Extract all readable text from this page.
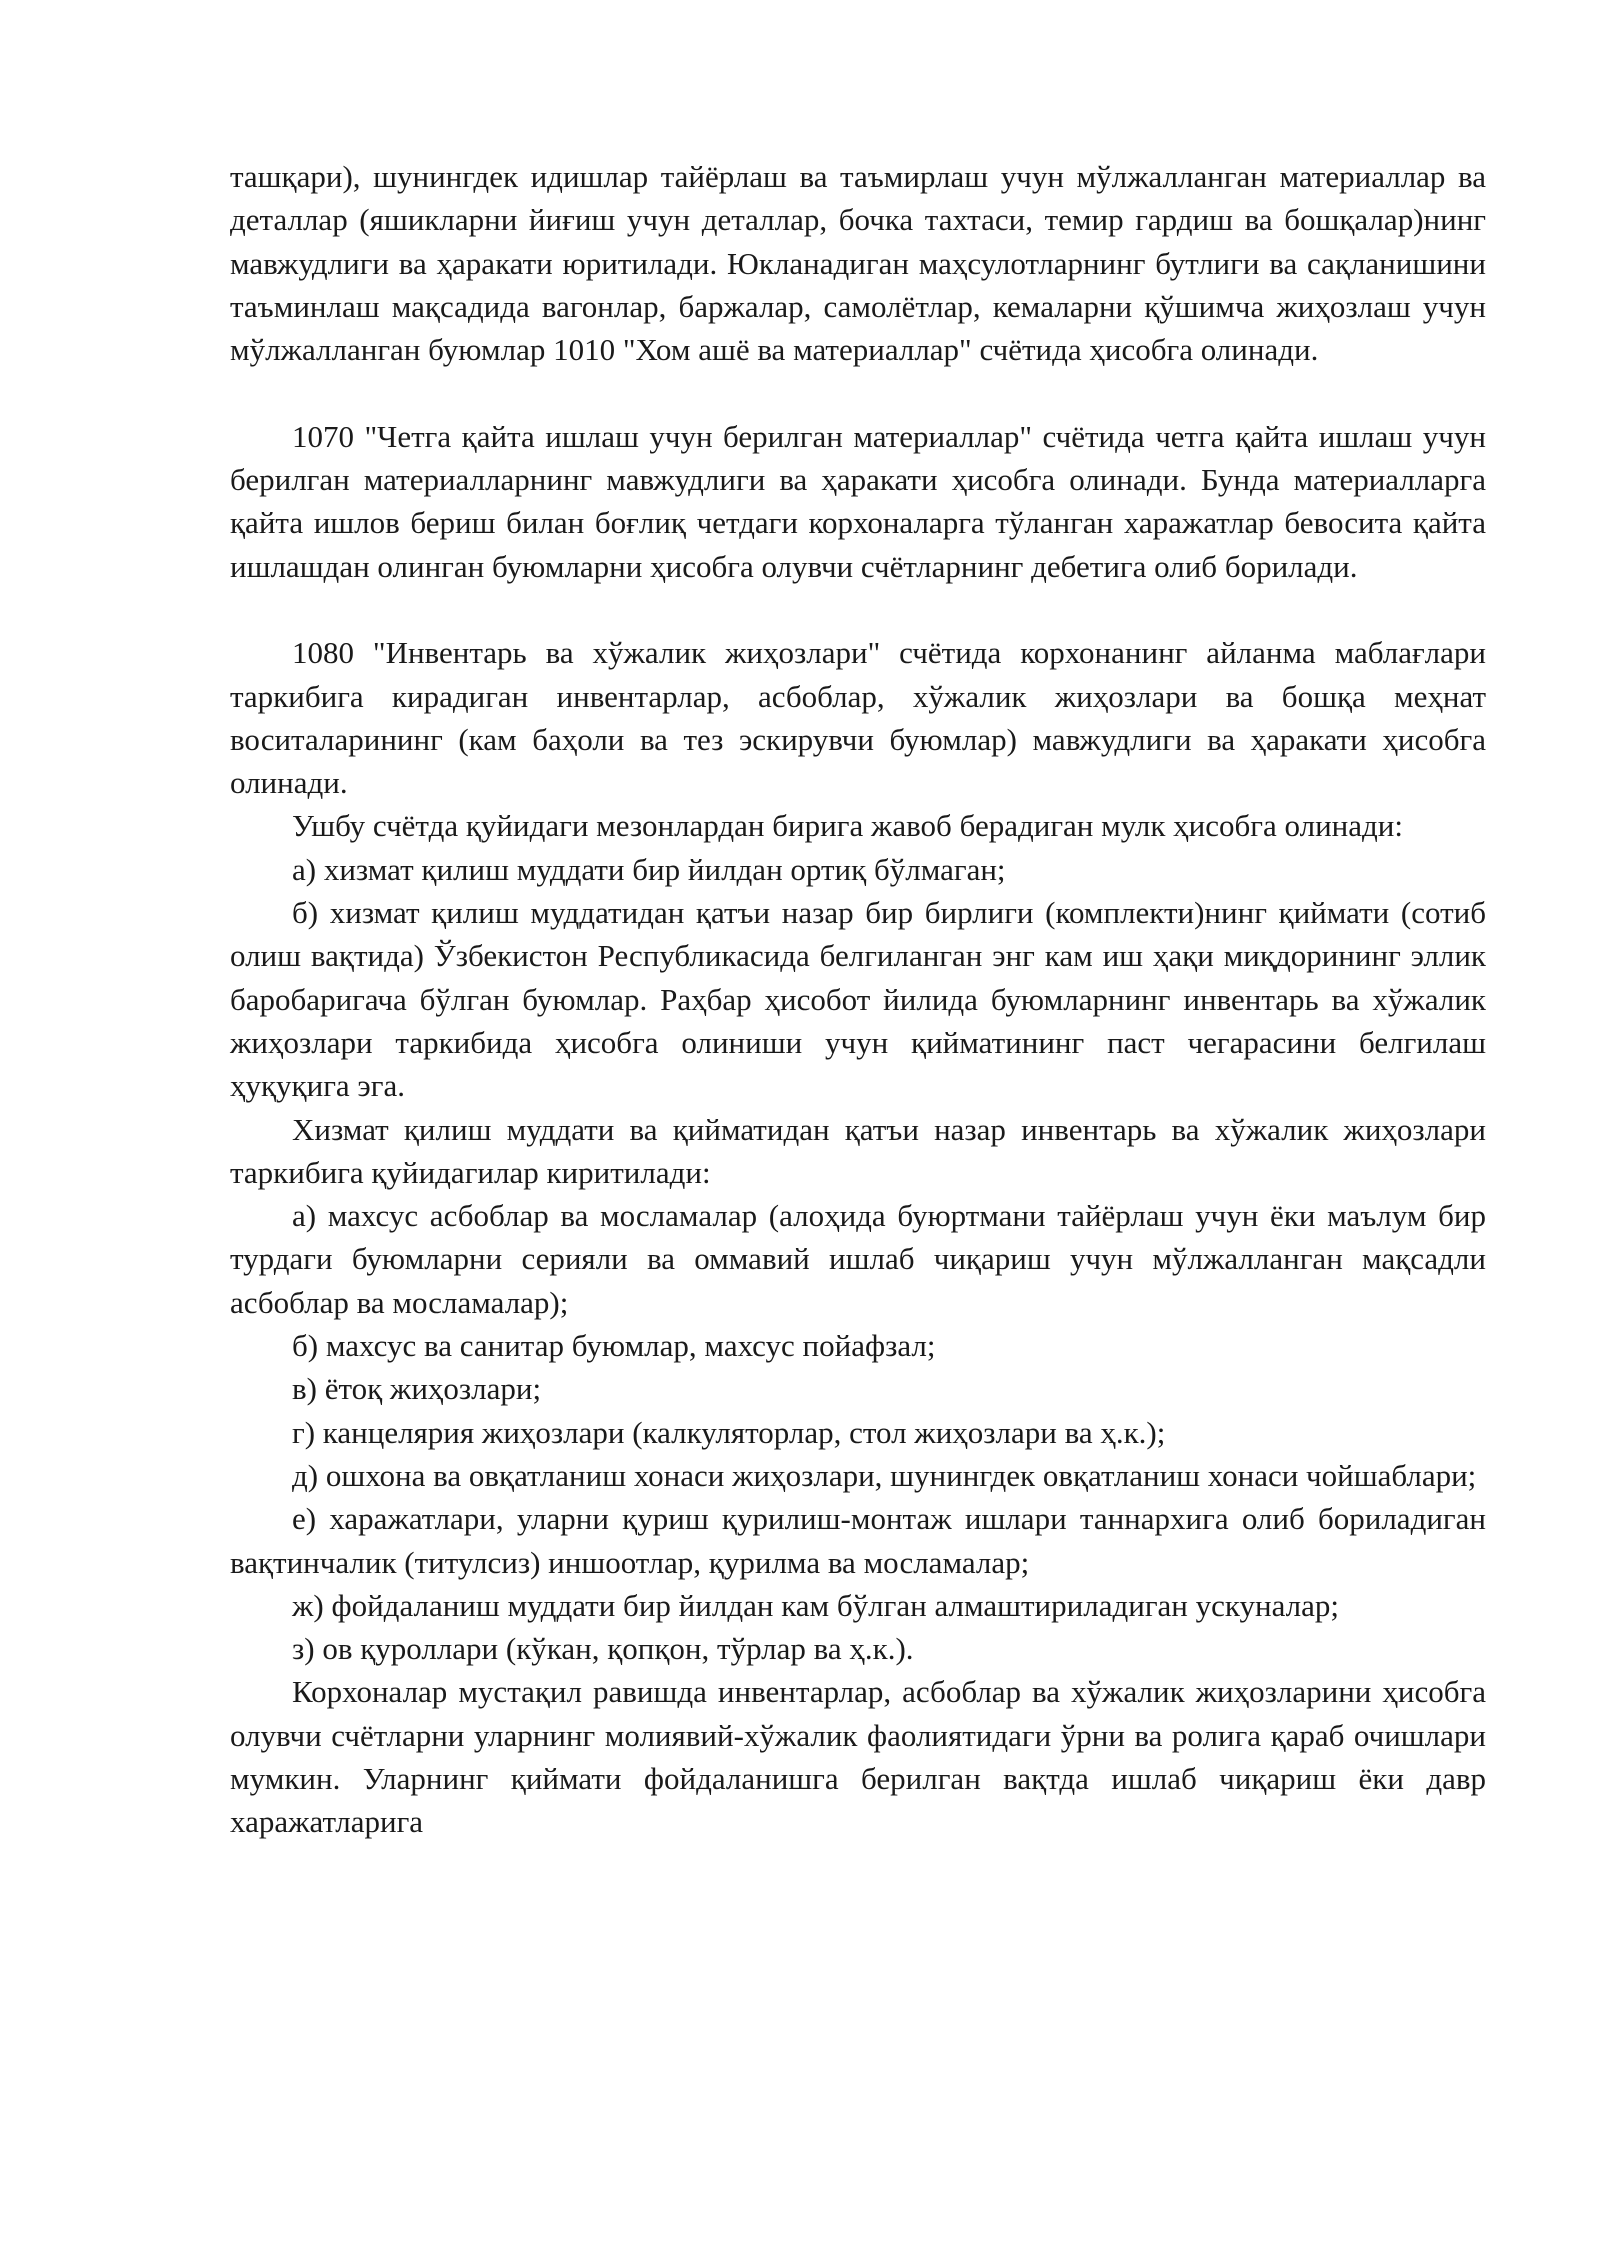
ташқари), шунингдек идишлар тайёрлаш ва таъмирлаш учун мўлжалланган материаллар ва деталлар (яшикларни йиғиш учун деталлар, бочка тахтаси, темир гардиш ва бошқалар)нинг мавжудлиги ва ҳаракати юритилади. Юкланадиган маҳсулотларнинг бутлиги ва сақланишини таъминлаш мақсадида вагонлар, баржалар, самолётлар, кемаларни қўшимча жиҳозлаш учун мўлжалланган буюмлар 1010 "Хом ашё ва материаллар" счётида ҳисобга олинади.

1070 "Четга қайта ишлаш учун берилган материаллар" счётида четга қайта ишлаш учун берилган материалларнинг мавжудлиги ва ҳаракати ҳисобга олинади. Бунда материалларга қайта ишлов бериш билан боғлиқ четдаги корхоналарга тўланган харажатлар бевосита қайта ишлашдан олинган буюмларни ҳисобга олувчи счётларнинг дебетига олиб борилади.

1080 "Инвентарь ва хўжалик жиҳозлари" счётида корхонанинг айланма маблағлари таркибига кирадиган инвентарлар, асбоблар, хўжалик жиҳозлари ва бошқа меҳнат воситаларининг (кам баҳоли ва тез эскирувчи буюмлар) мавжудлиги ва ҳаракати ҳисобга олинади.

Ушбу счётда қуйидаги мезонлардан бирига жавоб берадиган мулк ҳисобга олинади:

а) хизмат қилиш муддати бир йилдан ортиқ бўлмаган;

б) хизмат қилиш муддатидан қатъи назар бир бирлиги (комплекти)нинг қиймати (сотиб олиш вақтида) Ўзбекистон Республикасида белгиланган энг кам иш ҳақи миқдорининг эллик баробаригача бўлган буюмлар. Раҳбар ҳисобот йилида буюмларнинг инвентарь ва хўжалик жиҳозлари таркибида ҳисобга олиниши учун қийматининг паст чегарасини белгилаш ҳуқуқига эга.

Хизмат қилиш муддати ва қийматидан қатъи назар инвентарь ва хўжалик жиҳозлари таркибига қуйидагилар киритилади:

а) махсус асбоблар ва мосламалар (алоҳида буюртмани тайёрлаш учун ёки маълум бир турдаги буюмларни серияли ва оммавий ишлаб чиқариш учун мўлжалланган мақсадли асбоблар ва мосламалар);

б) махсус ва санитар буюмлар, махсус пойафзал;

в) ётоқ жиҳозлари;

г) канцелярия жиҳозлари (калкуляторлар, стол жиҳозлари ва ҳ.к.);

д) ошхона ва овқатланиш хонаси жиҳозлари, шунингдек овқатланиш хонаси чойшаблари;

е) харажатлари, уларни қуриш қурилиш-монтаж ишлари таннархига олиб бориладиган вақтинчалик (титулсиз) иншоотлар, қурилма ва мосламалар;

ж) фойдаланиш муддати бир йилдан кам бўлган алмаштириладиган ускуналар;

з) ов қуроллари (кўкан, қопқон, тўрлар ва ҳ.к.).

Корхоналар мустақил равишда инвентарлар, асбоблар ва хўжалик жиҳозларини ҳисобга олувчи счётларни уларнинг молиявий-хўжалик фаолиятидаги ўрни ва ролига қараб очишлари мумкин. Уларнинг қиймати фойдаланишга берилган вақтда ишлаб чиқариш ёки давр харажатларига
